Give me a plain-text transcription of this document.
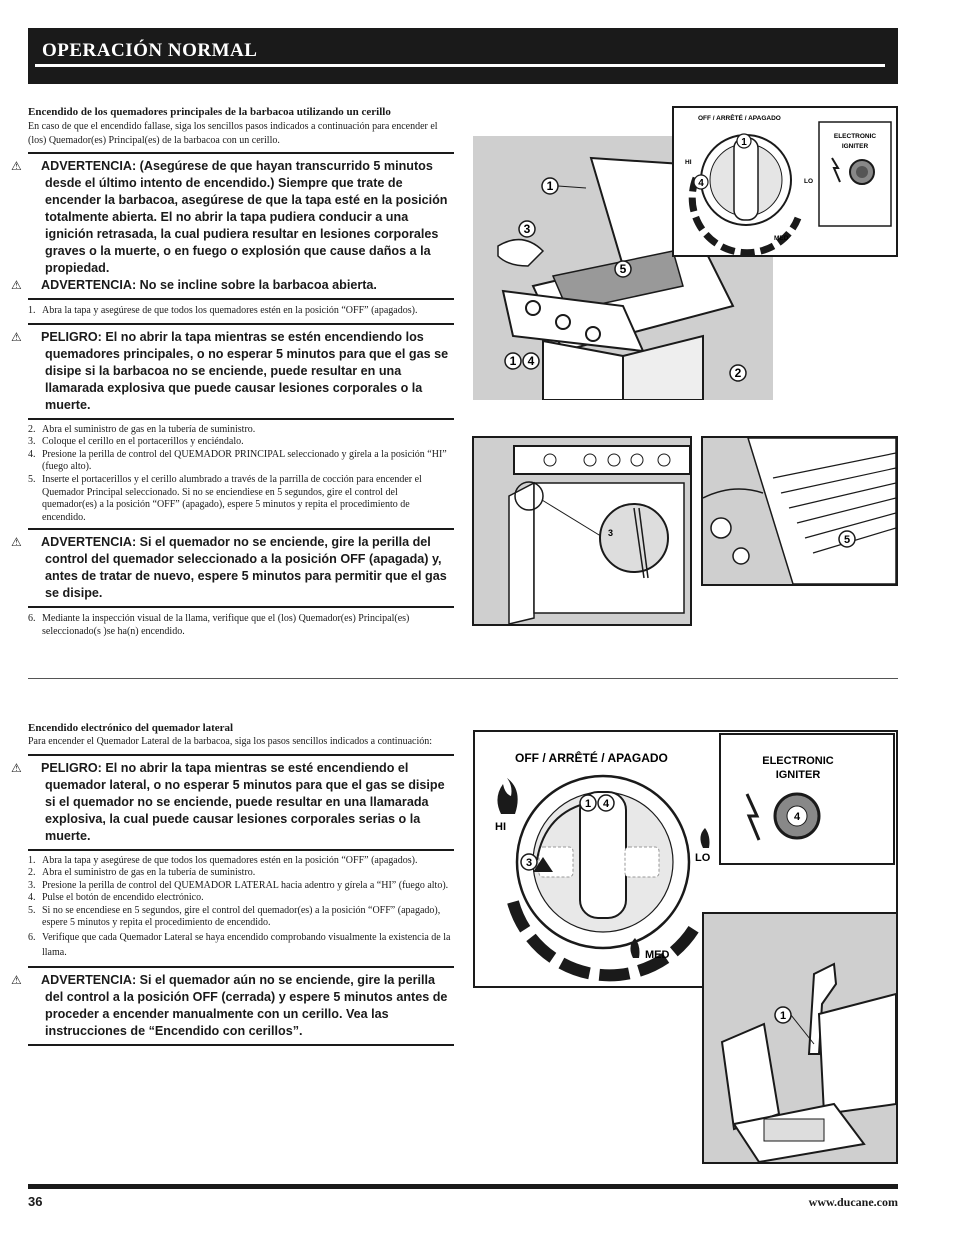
OPERACIÓN NORMAL
Encendido de los quemadores principales de la barbacoa utilizando un cerillo
En caso de que el encendido fallase, siga los sencillos pasos indicados a continuación para encender el (los) Quemador(es) Principal(es) de la barbacoa con un cerillo.
⚠ ADVERTENCIA: (Asegúrese de que hayan transcurrido 5 minutos desde el último intento de encendido.) Siempre que trate de encender la barbacoa, asegúrese de que la tapa esté en la posición totalmente abierta. El no abrir la tapa pudiera conducir a una ignición retrasada, la cual pudiera resultar en lesiones corporales graves o la muerte, o en fuego o explosión que cause daños a la propiedad.
⚠ ADVERTENCIA: No se incline sobre la barbacoa abierta.
1. Abra la tapa y asegúrese de que todos los quemadores estén en la posición “OFF” (apagados).
⚠ PELIGRO: El no abrir la tapa mientras se estén encendiendo los quemadores principales, o no esperar 5 minutos para que el gas se disipe si la barbacoa no se enciende, puede resultar en una llamarada explosiva que puede causar lesiones corporales o la muerte.
2. Abra el suministro de gas en la tubería de suministro.
3. Coloque el cerillo en el portacerillos y enciéndalo.
4. Presione la perilla de control del QUEMADOR PRINCIPAL seleccionado y gírela a la posición “HI” (fuego alto).
5. Inserte el portacerillos y el cerillo alumbrado a través de la parrilla de cocción para encender el Quemador Principal seleccionado. Si no se enciendiese en 5 segundos, gire el control del quemador(es) a la posición “OFF” (apagado), espere 5 minutos y repita el procedimiento de encendido.
⚠ ADVERTENCIA: Si el quemador no se enciende, gire la perilla del control del quemador seleccionado a la posición OFF (apagada) y, antes de tratar de nuevo, espere 5 minutos para permitir que el gas se disipe.
6. Mediante la inspección visual de la llama, verifique que el (los) Quemador(es) Principal(es) seleccionado(s )se ha(n) encendido.
Encendido electrónico del quemador lateral
Para encender el Quemador Lateral de la barbacoa, siga los pasos sencillos indicados a continuación:
⚠ PELIGRO: El no abrir la tapa mientras se esté encendiendo el quemador lateral, o no esperar 5 minutos para que el gas se disipe si el quemador no se enciende, puede resultar en una llamarada explosiva, la cual puede causar lesiones corporales serias o la muerte.
1. Abra la tapa y asegúrese de que todos los quemadores estén en la posición “OFF” (apagados).
2. Abra el suministro de gas en la tubería de suministro.
3. Presione la perilla de control del QUEMADOR LATERAL hacia adentro y gírela a “HI” (fuego alto).
4. Pulse el botón de encendido electrónico.
5. Si no se encendiese en 5 segundos, gire el control del quemador(es) a la posición “OFF” (apagado), espere 5 minutos y repita el procedimiento de encendido.
6. Verifique que cada Quemador Lateral se haya encendido comprobando visualmente la existencia de la llama.
⚠ ADVERTENCIA: Si el quemador aún no se enciende, gire la perilla del control a la posición OFF (cerrada) y espere 5 minutos antes de proceder a encender manualmente con un cerillo. Vea las instrucciones de “Encendido con cerillos”.
1
3
5
1 4
2
OFF / ARRÊTÉ / APAGADO
HI
LO
MED
1
4
ELECTRONIC
IGNITER
3
5
OFF / ARRÊTÉ / APAGADO
HI
LO
MED
1 4
3
ELECTRONIC
IGNITER
4
1
36	www.ducane.com
